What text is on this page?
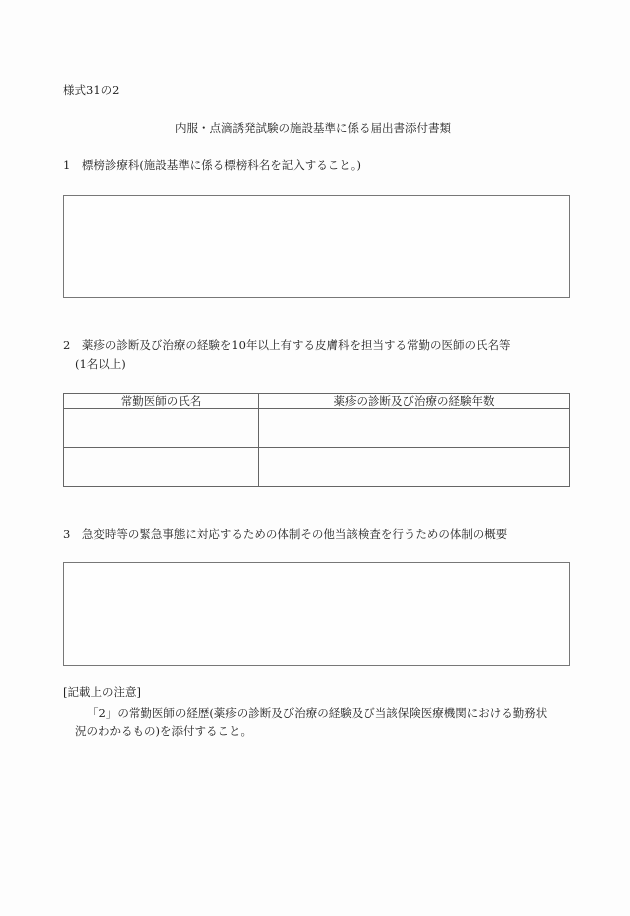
様式31の2
内服・点滴誘発試験の施設基準に係る届出書添付書類
1　標榜診療科(施設基準に係る標榜科名を記入すること。)
2　薬疹の診断及び治療の経験を10年以上有する皮膚科を担当する常勤の医師の氏名等
(1名以上)
常勤医師の氏名	薬疹の診断及び治療の経験年数

3　急変時等の緊急事態に対応するための体制その他当該検査を行うための体制の概要
[記載上の注意]
「2」の常勤医師の経歴(薬疹の診断及び治療の経験及び当該保険医療機関における勤務状
況のわかるもの)を添付すること。
